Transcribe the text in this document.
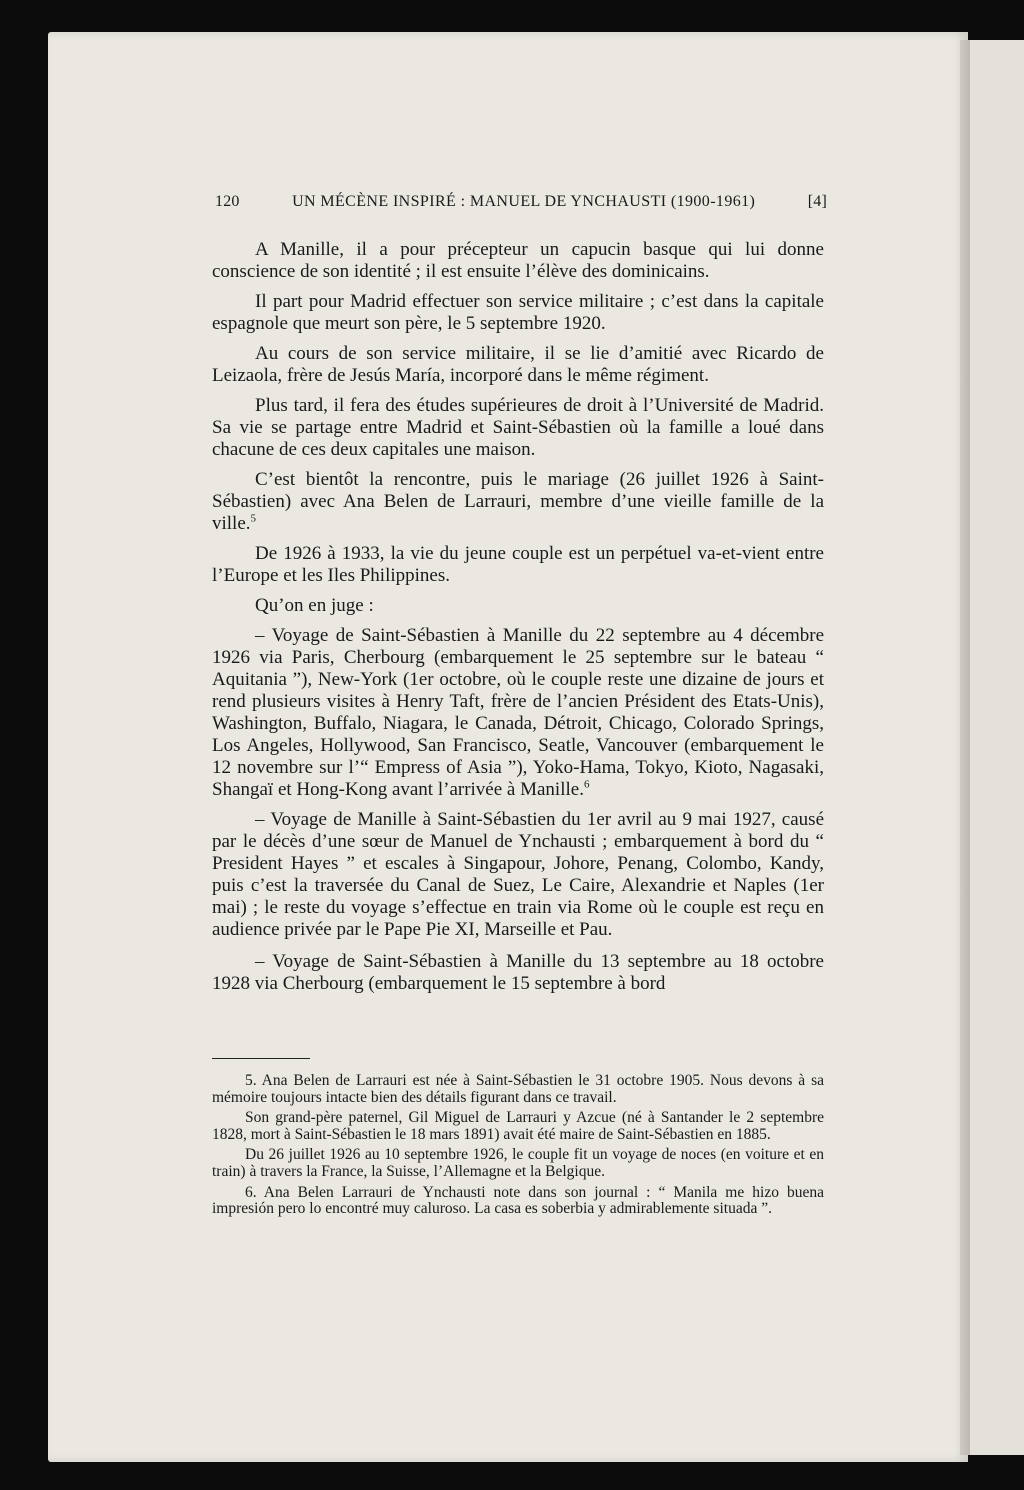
120	UN MÉCÈNE INSPIRÉ : MANUEL DE YNCHAUSTI (1900-1961)	[4]

A Manille, il a pour précepteur un capucin basque qui lui donne conscience de son identité ; il est ensuite l’élève des dominicains.

Il part pour Madrid effectuer son service militaire ; c’est dans la capitale espagnole que meurt son père, le 5 septembre 1920.

Au cours de son service militaire, il se lie d’amitié avec Ricardo de Leizaola, frère de Jesús María, incorporé dans le même régiment.

Plus tard, il fera des études supérieures de droit à l’Université de Madrid. Sa vie se partage entre Madrid et Saint-Sébastien où la famille a loué dans chacune de ces deux capitales une maison.

C’est bientôt la rencontre, puis le mariage (26 juillet 1926 à Saint-Sébastien) avec Ana Belen de Larrauri, membre d’une vieille famille de la ville.$^5$

De 1926 à 1933, la vie du jeune couple est un perpétuel va-et-vient entre l’Europe et les Iles Philippines.

Qu’on en juge :

– Voyage de Saint-Sébastien à Manille du 22 septembre au 4 décembre 1926 via Paris, Cherbourg (embarquement le 25 septembre sur le bateau “ Aquitania ”), New-York (1er octobre, où le couple reste une dizaine de jours et rend plusieurs visites à Henry Taft, frère de l’ancien Président des Etats-Unis), Washington, Buffalo, Niagara, le Canada, Détroit, Chicago, Colorado Springs, Los Angeles, Hollywood, San Francisco, Seatle, Vancouver (embarquement le 12 novembre sur l’“ Empress of Asia ”), Yoko-Hama, Tokyo, Kioto, Nagasaki, Shangaï et Hong-Kong avant l’arrivée à Manille.$^6$

– Voyage de Manille à Saint-Sébastien du 1er avril au 9 mai 1927, causé par le décès d’une sœur de Manuel de Ynchausti ; embarquement à bord du “ President Hayes ” et escales à Singapour, Johore, Penang, Colombo, Kandy, puis c’est la traversée du Canal de Suez, Le Caire, Alexandrie et Naples (1er mai) ; le reste du voyage s’effectue en train via Rome où le couple est reçu en audience privée par le Pape Pie XI, Marseille et Pau.

– Voyage de Saint-Sébastien à Manille du 13 septembre au 18 octobre 1928 via Cherbourg (embarquement le 15 septembre à bord

5. Ana Belen de Larrauri est née à Saint-Sébastien le 31 octobre 1905. Nous devons à sa mémoire toujours intacte bien des détails figurant dans ce travail.

Son grand-père paternel, Gil Miguel de Larrauri y Azcue (né à Santander le 2 septembre 1828, mort à Saint-Sébastien le 18 mars 1891) avait été maire de Saint-Sébastien en 1885.

Du 26 juillet 1926 au 10 septembre 1926, le couple fit un voyage de noces (en voiture et en train) à travers la France, la Suisse, l’Allemagne et la Belgique.

6. Ana Belen Larrauri de Ynchausti note dans son journal : “ Manila me hizo buena impresión pero lo encontré muy caluroso. La casa es soberbia y admirablemente situada ”.
